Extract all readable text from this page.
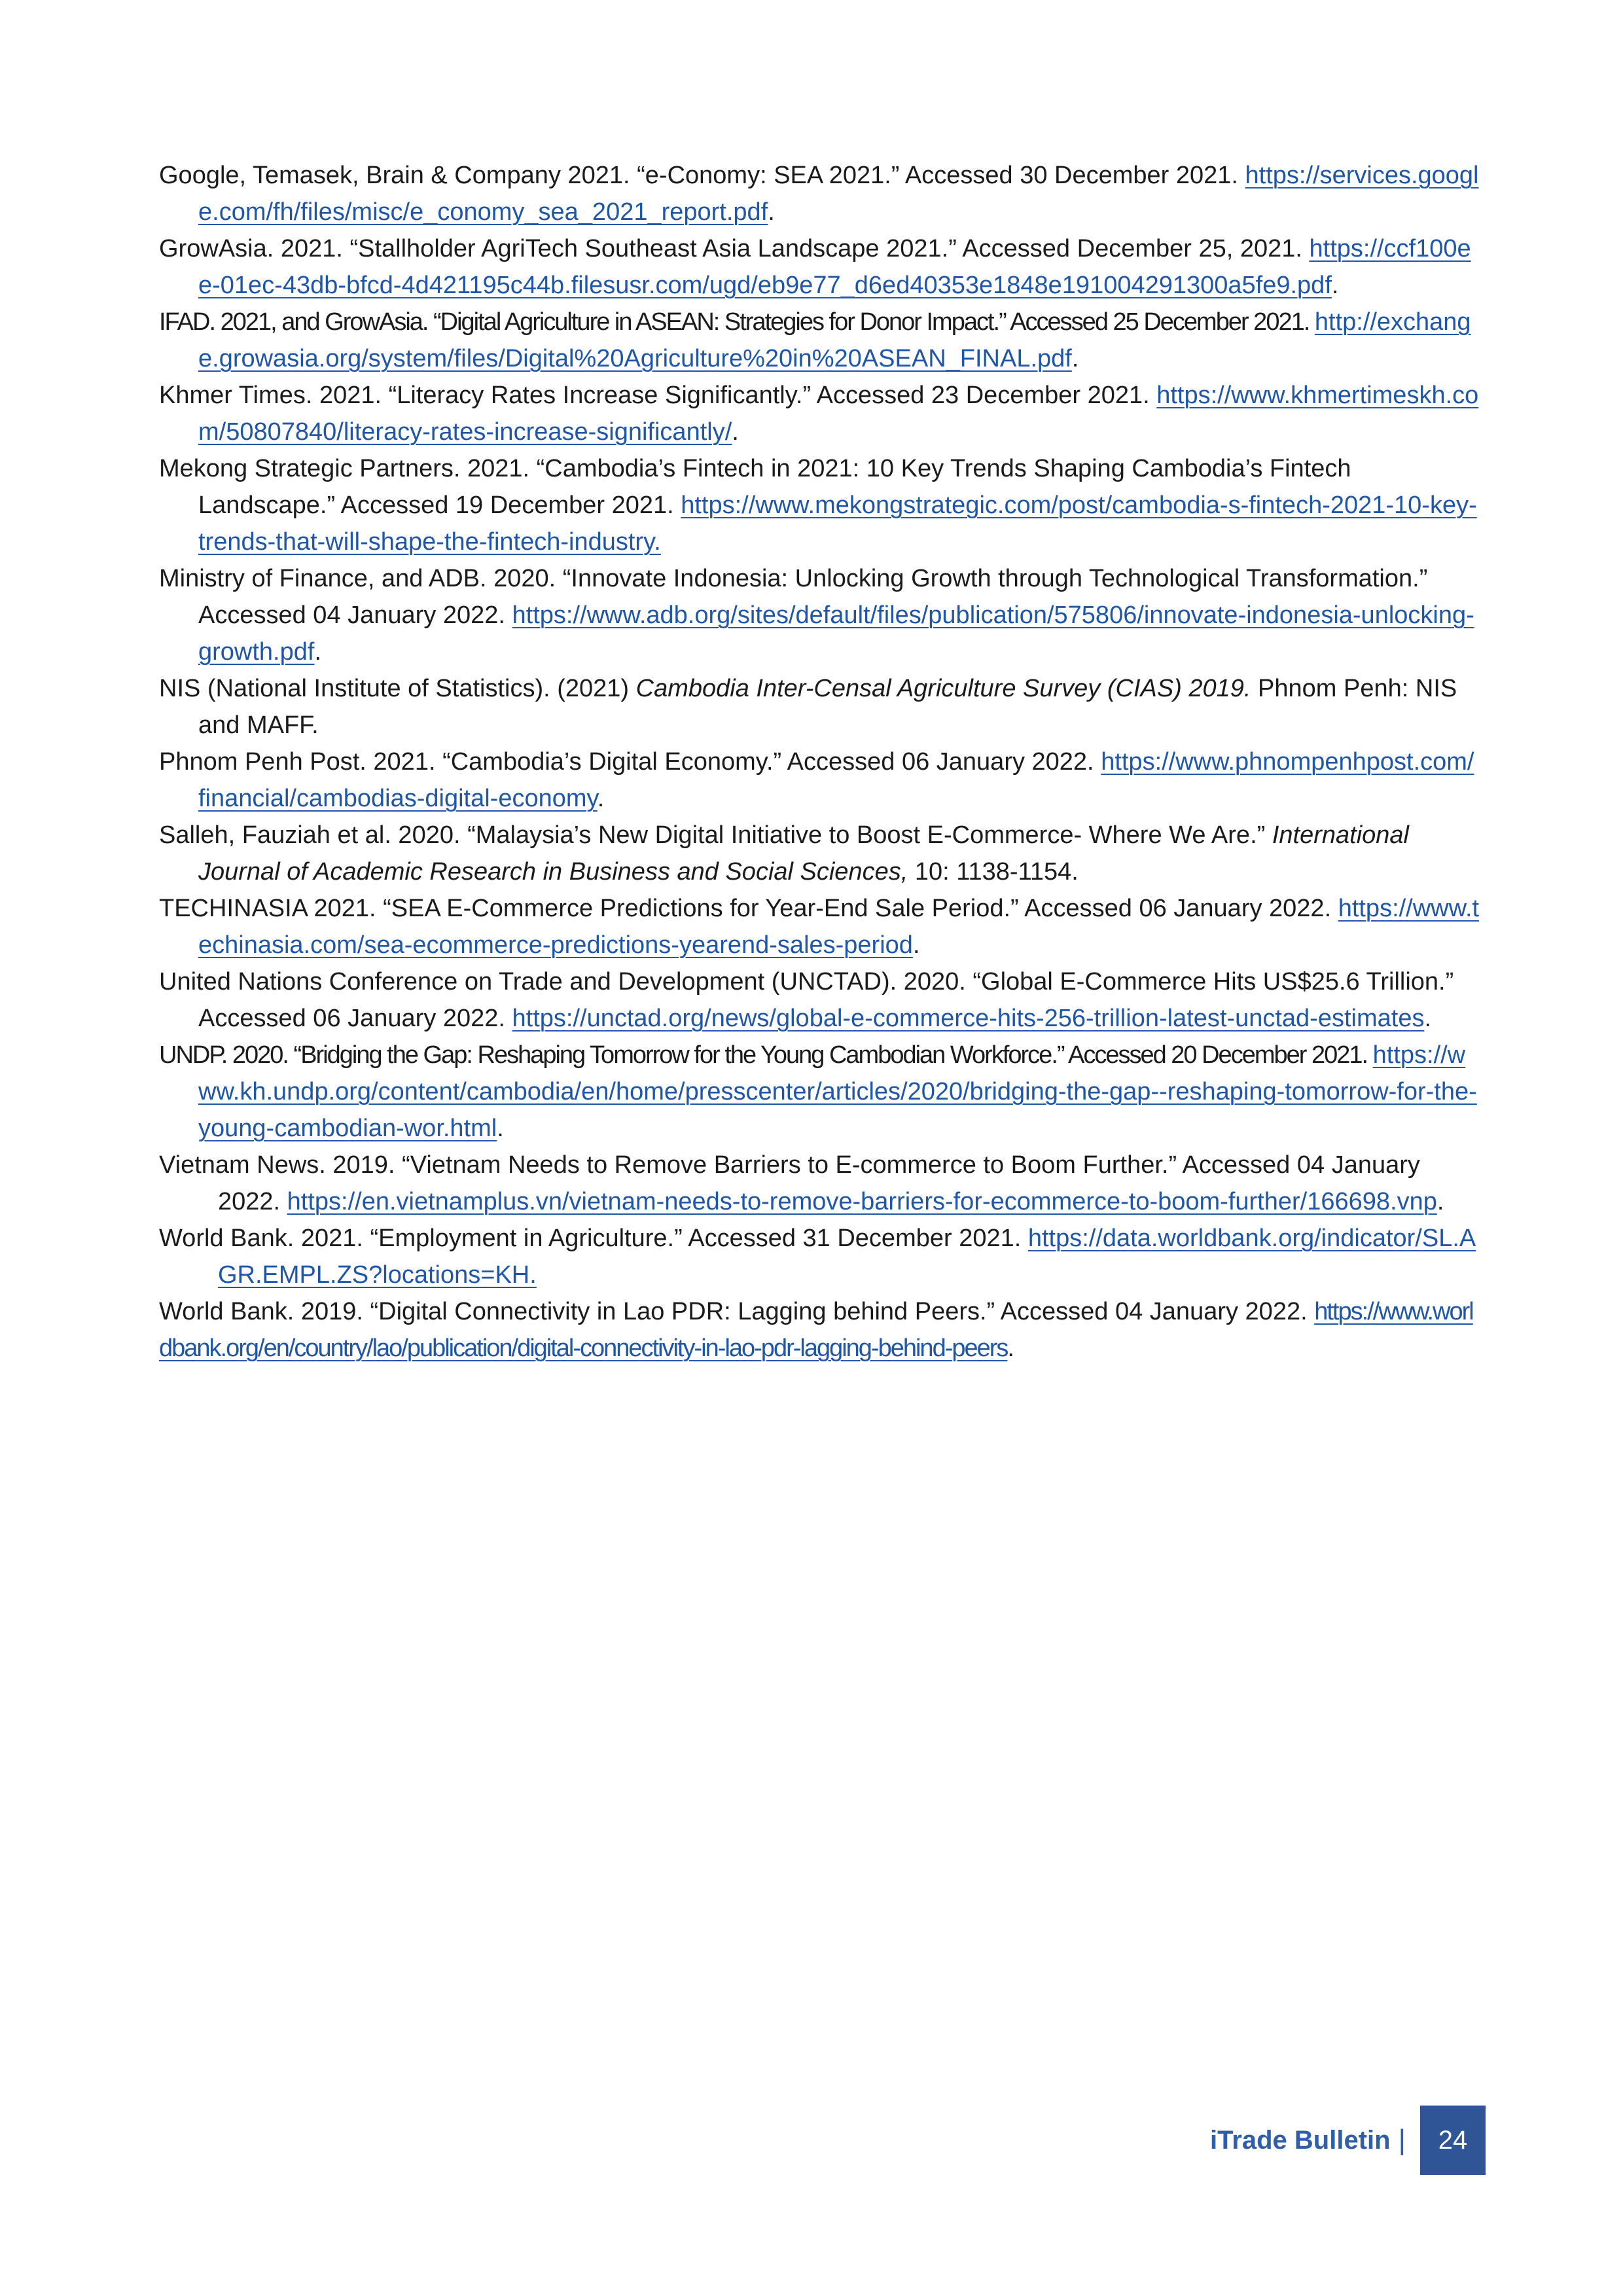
Google, Temasek, Brain & Company 2021. “e-Conomy: SEA 2021.” Accessed 30 December 2021. https://services.google.com/fh/files/misc/e_conomy_sea_2021_report.pdf.

GrowAsia. 2021. “Stallholder AgriTech Southeast Asia Landscape 2021.” Accessed December 25, 2021. https://ccf100ee-01ec-43db-bfcd-4d421195c44b.filesusr.com/ugd/eb9e77_d6ed40353e1848e191004291300a5fe9.pdf.

IFAD. 2021, and GrowAsia. “Digital Agriculture in ASEAN: Strategies for Donor Impact.” Accessed 25 December 2021. http://exchange.growasia.org/system/files/Digital%20Agriculture%20in%20ASEAN_FINAL.pdf.

Khmer Times. 2021. “Literacy Rates Increase Significantly.” Accessed 23 December 2021. https://www.khmertimeskh.com/50807840/literacy-rates-increase-significantly/.

Mekong Strategic Partners. 2021. “Cambodia’s Fintech in 2021: 10 Key Trends Shaping Cambodia’s Fintech Landscape.” Accessed 19 December 2021. https://www.mekongstrategic.com/post/cambodia-s-fintech-2021-10-key-trends-that-will-shape-the-fintech-industry.

Ministry of Finance, and ADB. 2020. “Innovate Indonesia: Unlocking Growth through Technological Transformation.” Accessed 04 January 2022. https://www.adb.org/sites/default/files/publication/575806/innovate-indonesia-unlocking-growth.pdf.

NIS (National Institute of Statistics). (2021) Cambodia Inter-Censal Agriculture Survey (CIAS) 2019. Phnom Penh: NIS and MAFF.

Phnom Penh Post. 2021. “Cambodia’s Digital Economy.” Accessed 06 January 2022. https://www.phnompenhpost.com/financial/cambodias-digital-economy.

Salleh, Fauziah et al. 2020. “Malaysia’s New Digital Initiative to Boost E-Commerce- Where We Are.” International Journal of Academic Research in Business and Social Sciences, 10: 1138-1154.

TECHINASIA 2021. “SEA E-Commerce Predictions for Year-End Sale Period.” Accessed 06 January 2022. https://www.techinasia.com/sea-ecommerce-predictions-yearend-sales-period.

United Nations Conference on Trade and Development (UNCTAD). 2020. “Global E-Commerce Hits US$25.6 Trillion.” Accessed 06 January 2022. https://unctad.org/news/global-e-commerce-hits-256-trillion-latest-unctad-estimates.

UNDP. 2020. “Bridging the Gap: Reshaping Tomorrow for the Young Cambodian Workforce.” Accessed 20 December 2021. https://www.kh.undp.org/content/cambodia/en/home/presscenter/articles/2020/bridging-the-gap--reshaping-tomorrow-for-the-young-cambodian-wor.html.

Vietnam News. 2019. “Vietnam Needs to Remove Barriers to E-commerce to Boom Further.” Accessed 04 January 2022. https://en.vietnamplus.vn/vietnam-needs-to-remove-barriers-for-ecommerce-to-boom-further/166698.vnp.

World Bank. 2021. “Employment in Agriculture.” Accessed 31 December 2021. https://data.worldbank.org/indicator/SL.AGR.EMPL.ZS?locations=KH.

World Bank. 2019. “Digital Connectivity in Lao PDR: Lagging behind Peers.” Accessed 04 January 2022. https://www.worldbank.org/en/country/lao/publication/digital-connectivity-in-lao-pdr-lagging-behind-peers.

iTrade Bulletin | 24
